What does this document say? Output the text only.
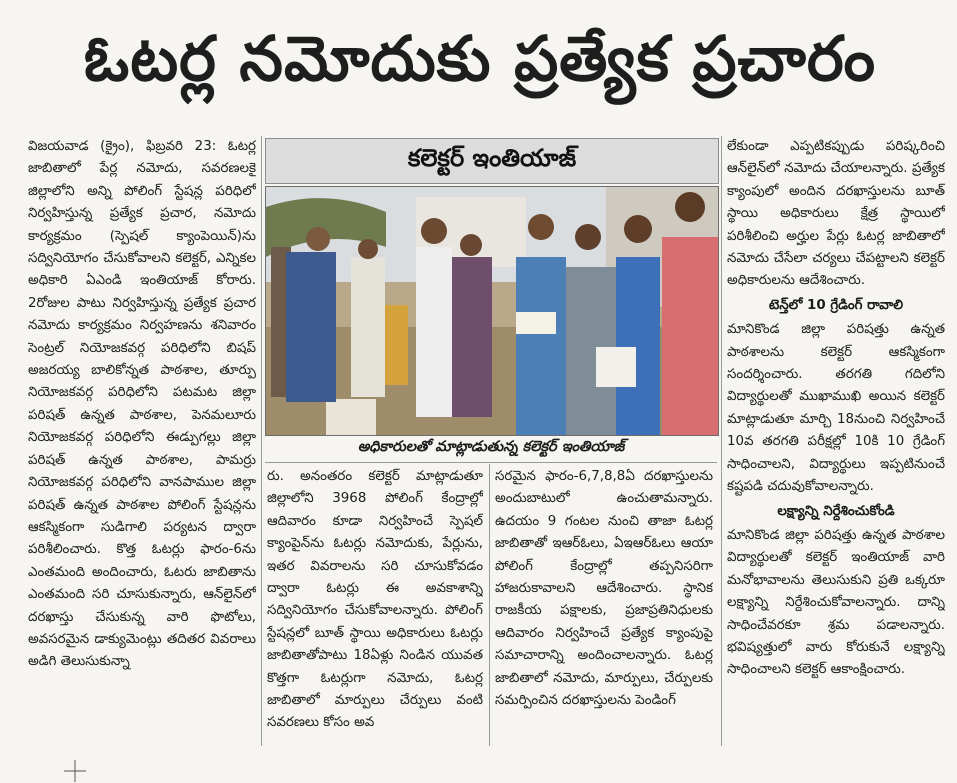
ఓటర్ల నమోదుకు ప్రత్యేక ప్రచారం

విజయవాడ (క్రైం), ఫిబ్రవరి 23: ఓటర్ల జాబితాలో పేర్ల నమోదు, సవరణలకై జిల్లాలోని అన్ని పోలింగ్ స్టేషన్ల పరిధిలో నిర్వహిస్తున్న ప్రత్యేక ప్రచార, నమోదు కార్యక్రమం (స్పెషల్ క్యాంపెయిన్)ను సద్వినియోగం చేసుకోవాలని కలెక్టర్, ఎన్నికల అధికారి ఏఎండి ఇంతియాజ్ కోరారు. 2రోజుల పాటు నిర్వహిస్తున్న ప్రత్యేక ప్రచార నమోదు కార్యక్రమం నిర్వహణను శనివారం సెంట్రల్ నియోజకవర్గ పరిధిలోని బిషప్ అజరయ్య బాలికోన్నత పాఠశాల, తూర్పు నియోజకవర్గ పరిధిలోని పటమట జిల్లా పరిషత్ ఉన్నత పాఠశాల, పెనమలూరు నియోజకవర్గ పరిధిలోని ఈడ్పుగల్లు జిల్లా పరిషత్ ఉన్నత పాఠశాల, పామర్రు నియోజకవర్గ పరిధిలోని వానపాముల జిల్లా పరిషత్ ఉన్నత పాఠశాల పోలింగ్ స్టేషన్లను ఆకస్మికంగా సుడిగాలి పర్యటన ద్వారా పరిశీలించారు. కొత్త ఓటర్లు ఫారం-6ను ఎంతమంది అందించారు, ఓటరు జాబితాను ఎంతమంది సరి చూసుకున్నారు, ఆన్‌లైన్‌లో దరఖాస్తు చేసుకున్న వారి ఫొటోలు, అవసరమైన డాక్యుమెంట్లు తదితర వివరాలు అడిగి తెలుసుకున్నా

కలెక్టర్ ఇంతియాజ్
అధికారులతో మాట్లాడుతున్న కలెక్టర్ ఇంతియాజ్

రు. అనంతరం కలెక్టర్ మాట్లాడుతూ జిల్లాలోని 3968 పోలింగ్ కేంద్రాల్లో ఆదివారం కూడా నిర్వహించే స్పెషల్ క్యాంపైన్‌ను ఓటర్లు నమోదుకు, పేర్లును, ఇతర వివరాలను సరి చూసుకోవడం ద్వారా ఓటర్లు ఈ అవకాశాన్ని సద్వినియోగం చేసుకోవాలన్నారు. పోలింగ్ స్టేషన్లలో బూత్ స్థాయి అధికారులు ఓటర్లు జాబితాతోపాటు 18ఏళ్లు నిండిన యువత కొత్తగా ఓటర్లుగా నమోదు, ఓటర్ల జాబితాలో మార్పులు చేర్పులు వంటి సవరణలు కోసం అవ

సరమైన ఫారం-6,7,8,8ఏ దరఖాస్తులను అందుబాటులో ఉంచుతామన్నారు. ఉదయం 9 గంటల నుంచి తాజా ఓటర్ల జాబితాతో ఇఆర్‌ఓలు, ఏఇఆర్‌ఓలు ఆయా పోలింగ్ కేంద్రాల్లో తప్పనిసరిగా హాజరుకావాలని ఆదేశించారు. స్థానిక రాజకీయ పక్షాలకు, ప్రజాప్రతినిధులకు ఆదివారం నిర్వహించే ప్రత్యేక క్యాంపుపై సమాచారాన్ని అందించాలన్నారు. ఓటర్ల జాబితాలో నమోదు, మార్పులు, చేర్పులకు సమర్పించిన దరఖాస్తులను పెండింగ్

లేకుండా ఎప్పటికప్పుడు పరిష్కరించి ఆన్‌లైన్‌లో నమోదు చేయాలన్నారు. ప్రత్యేక క్యాంపులో అందిన దరఖాస్తులను బూత్ స్థాయి అధికారులు క్షేత్ర స్థాయిలో పరిశీలించి అర్హుల పేర్లు ఓటర్ల జాబితాలో నమోదు చేసేలా చర్యలు చేపట్టాలని కలెక్టర్ అధికారులను ఆదేశించారు.

టెన్త్‌లో 10 గ్రేడింగ్ రావాలి

మానికొండ జిల్లా పరిషత్తు ఉన్నత పాఠశాలను కలెక్టర్ ఆకస్మికంగా సందర్శించారు. తరగతి గదిలోని విద్యార్థులతో ముఖాముఖి అయిన కలెక్టర్ మాట్లాడుతూ మార్చి 18నుంచి నిర్వహించే 10వ తరగతి పరీక్షల్లో 10కి 10 గ్రేడింగ్ సాధించాలని, విద్యార్థులు ఇప్పటినుంచే కష్టపడి చదువుకోవాలన్నారు.

లక్ష్యాన్ని నిర్దేశించుకోండి

మానికొండ జిల్లా పరిషత్తు ఉన్నత పాఠశాల విద్యార్థులతో కలెక్టర్ ఇంతియాజ్ వారి మనోభావాలను తెలుసుకుని ప్రతి ఒక్కరూ లక్ష్యాన్ని నిర్దేశించుకోవాలన్నారు. దాన్ని సాధించేవరకూ శ్రమ పడాలన్నారు. భవిష్యత్తులో వారు కోరుకునే లక్ష్యాన్ని సాధించాలని కలెక్టర్ ఆకాంక్షించారు.
